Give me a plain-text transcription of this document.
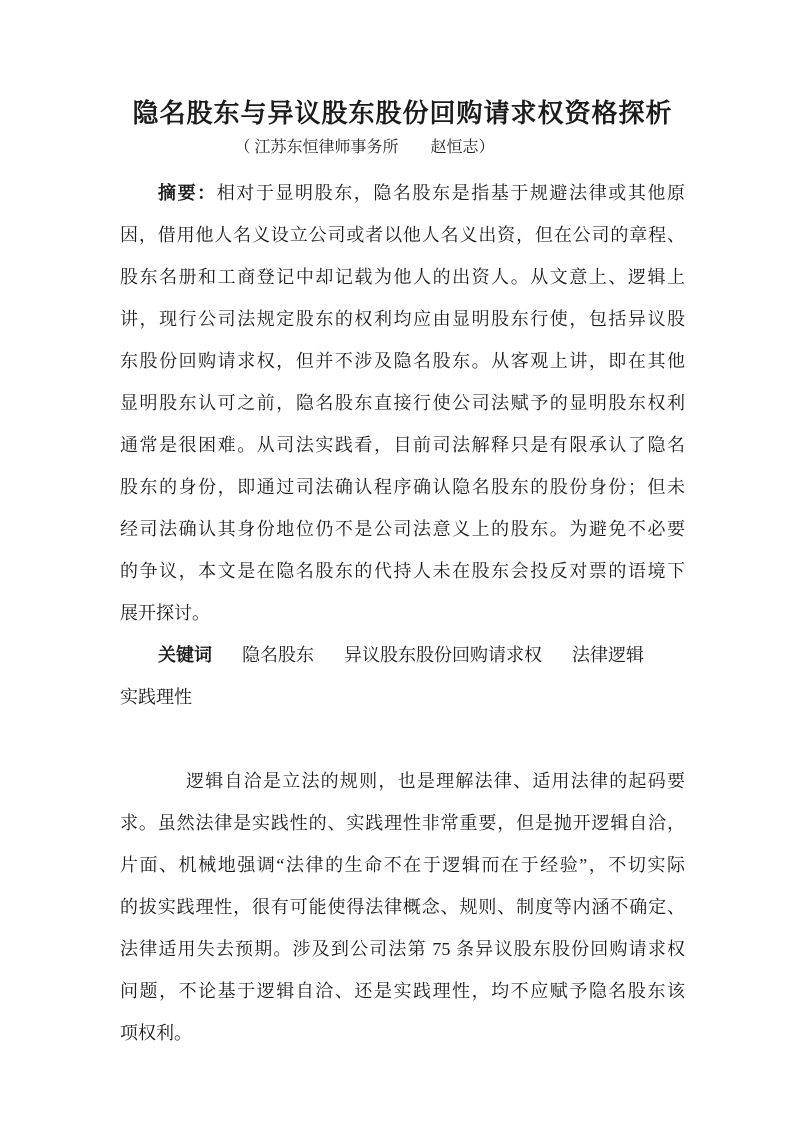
隐名股东与异议股东股份回购请求权资格探析
（ 江苏东恒律师事务所　　赵恒志）
摘要：相对于显明股东，隐名股东是指基于规避法律或其他原
因，借用他人名义设立公司或者以他人名义出资，但在公司的章程、
股东名册和工商登记中却记载为他人的出资人。从文意上、逻辑上
讲，现行公司法规定股东的权利均应由显明股东行使，包括异议股
东股份回购请求权，但并不涉及隐名股东。从客观上讲，即在其他
显明股东认可之前，隐名股东直接行使公司法赋予的显明股东权利
通常是很困难。从司法实践看，目前司法解释只是有限承认了隐名
股东的身份，即通过司法确认程序确认隐名股东的股份身份；但未
经司法确认其身份地位仍不是公司法意义上的股东。为避免不必要
的争议，本文是在隐名股东的代持人未在股东会投反对票的语境下
展开探讨。
关键词 隐名股东 异议股东股份回购请求权 法律逻辑
实践理性
逻辑自洽是立法的规则，也是理解法律、适用法律的起码要
求。虽然法律是实践性的、实践理性非常重要，但是抛开逻辑自洽，
片面、机械地强调“法律的生命不在于逻辑而在于经验”，不切实际
的拔实践理性，很有可能使得法律概念、规则、制度等内涵不确定、
法律适用失去预期。涉及到公司法第 75 条异议股东股份回购请求权
问题，不论基于逻辑自洽、还是实践理性，均不应赋予隐名股东该
项权利。
